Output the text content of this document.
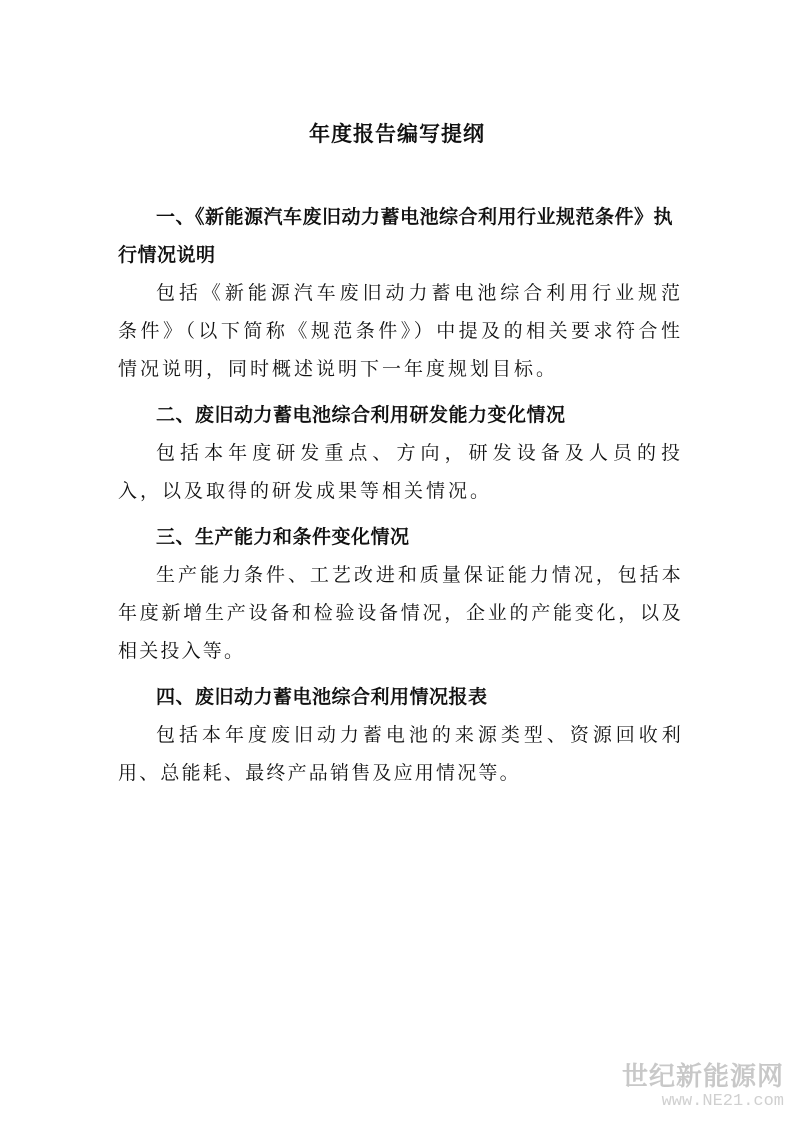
年度报告编写提纲

一、《新能源汽车废旧动力蓄电池综合利用行业规范条件》执行情况说明

包括《新能源汽车废旧动力蓄电池综合利用行业规范条件》（以下简称《规范条件》）中提及的相关要求符合性情况说明，同时概述说明下一年度规划目标。

二、废旧动力蓄电池综合利用研发能力变化情况

包括本年度研发重点、方向，研发设备及人员的投入，以及取得的研发成果等相关情况。

三、生产能力和条件变化情况

生产能力条件、工艺改进和质量保证能力情况，包括本年度新增生产设备和检验设备情况，企业的产能变化，以及相关投入等。

四、废旧动力蓄电池综合利用情况报表

包括本年度废旧动力蓄电池的来源类型、资源回收利用、总能耗、最终产品销售及应用情况等。

世纪新能源网
www.NE21.com
